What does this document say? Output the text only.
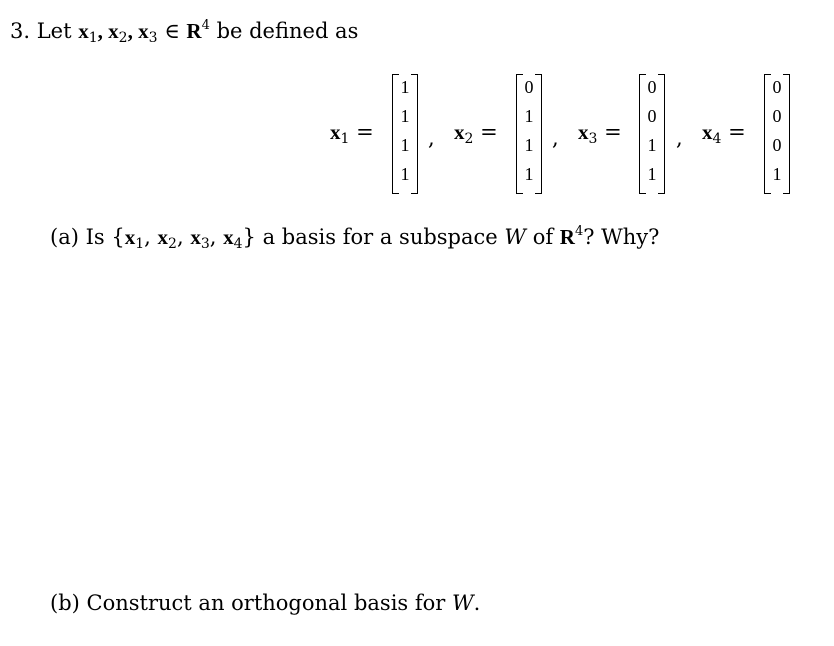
3. Let x1, x2, x3 ∈ $R^4$ be defined as
x1 =
1
1
1
1
, x2 =
0
1
1
1
, x3 =
0
0
1
1
, x4 =
0
0
0
1
(a) Is {x1, x2, x3, x4} a basis for a subspace W of $R^4$? Why?
(b) Construct an orthogonal basis for W.
